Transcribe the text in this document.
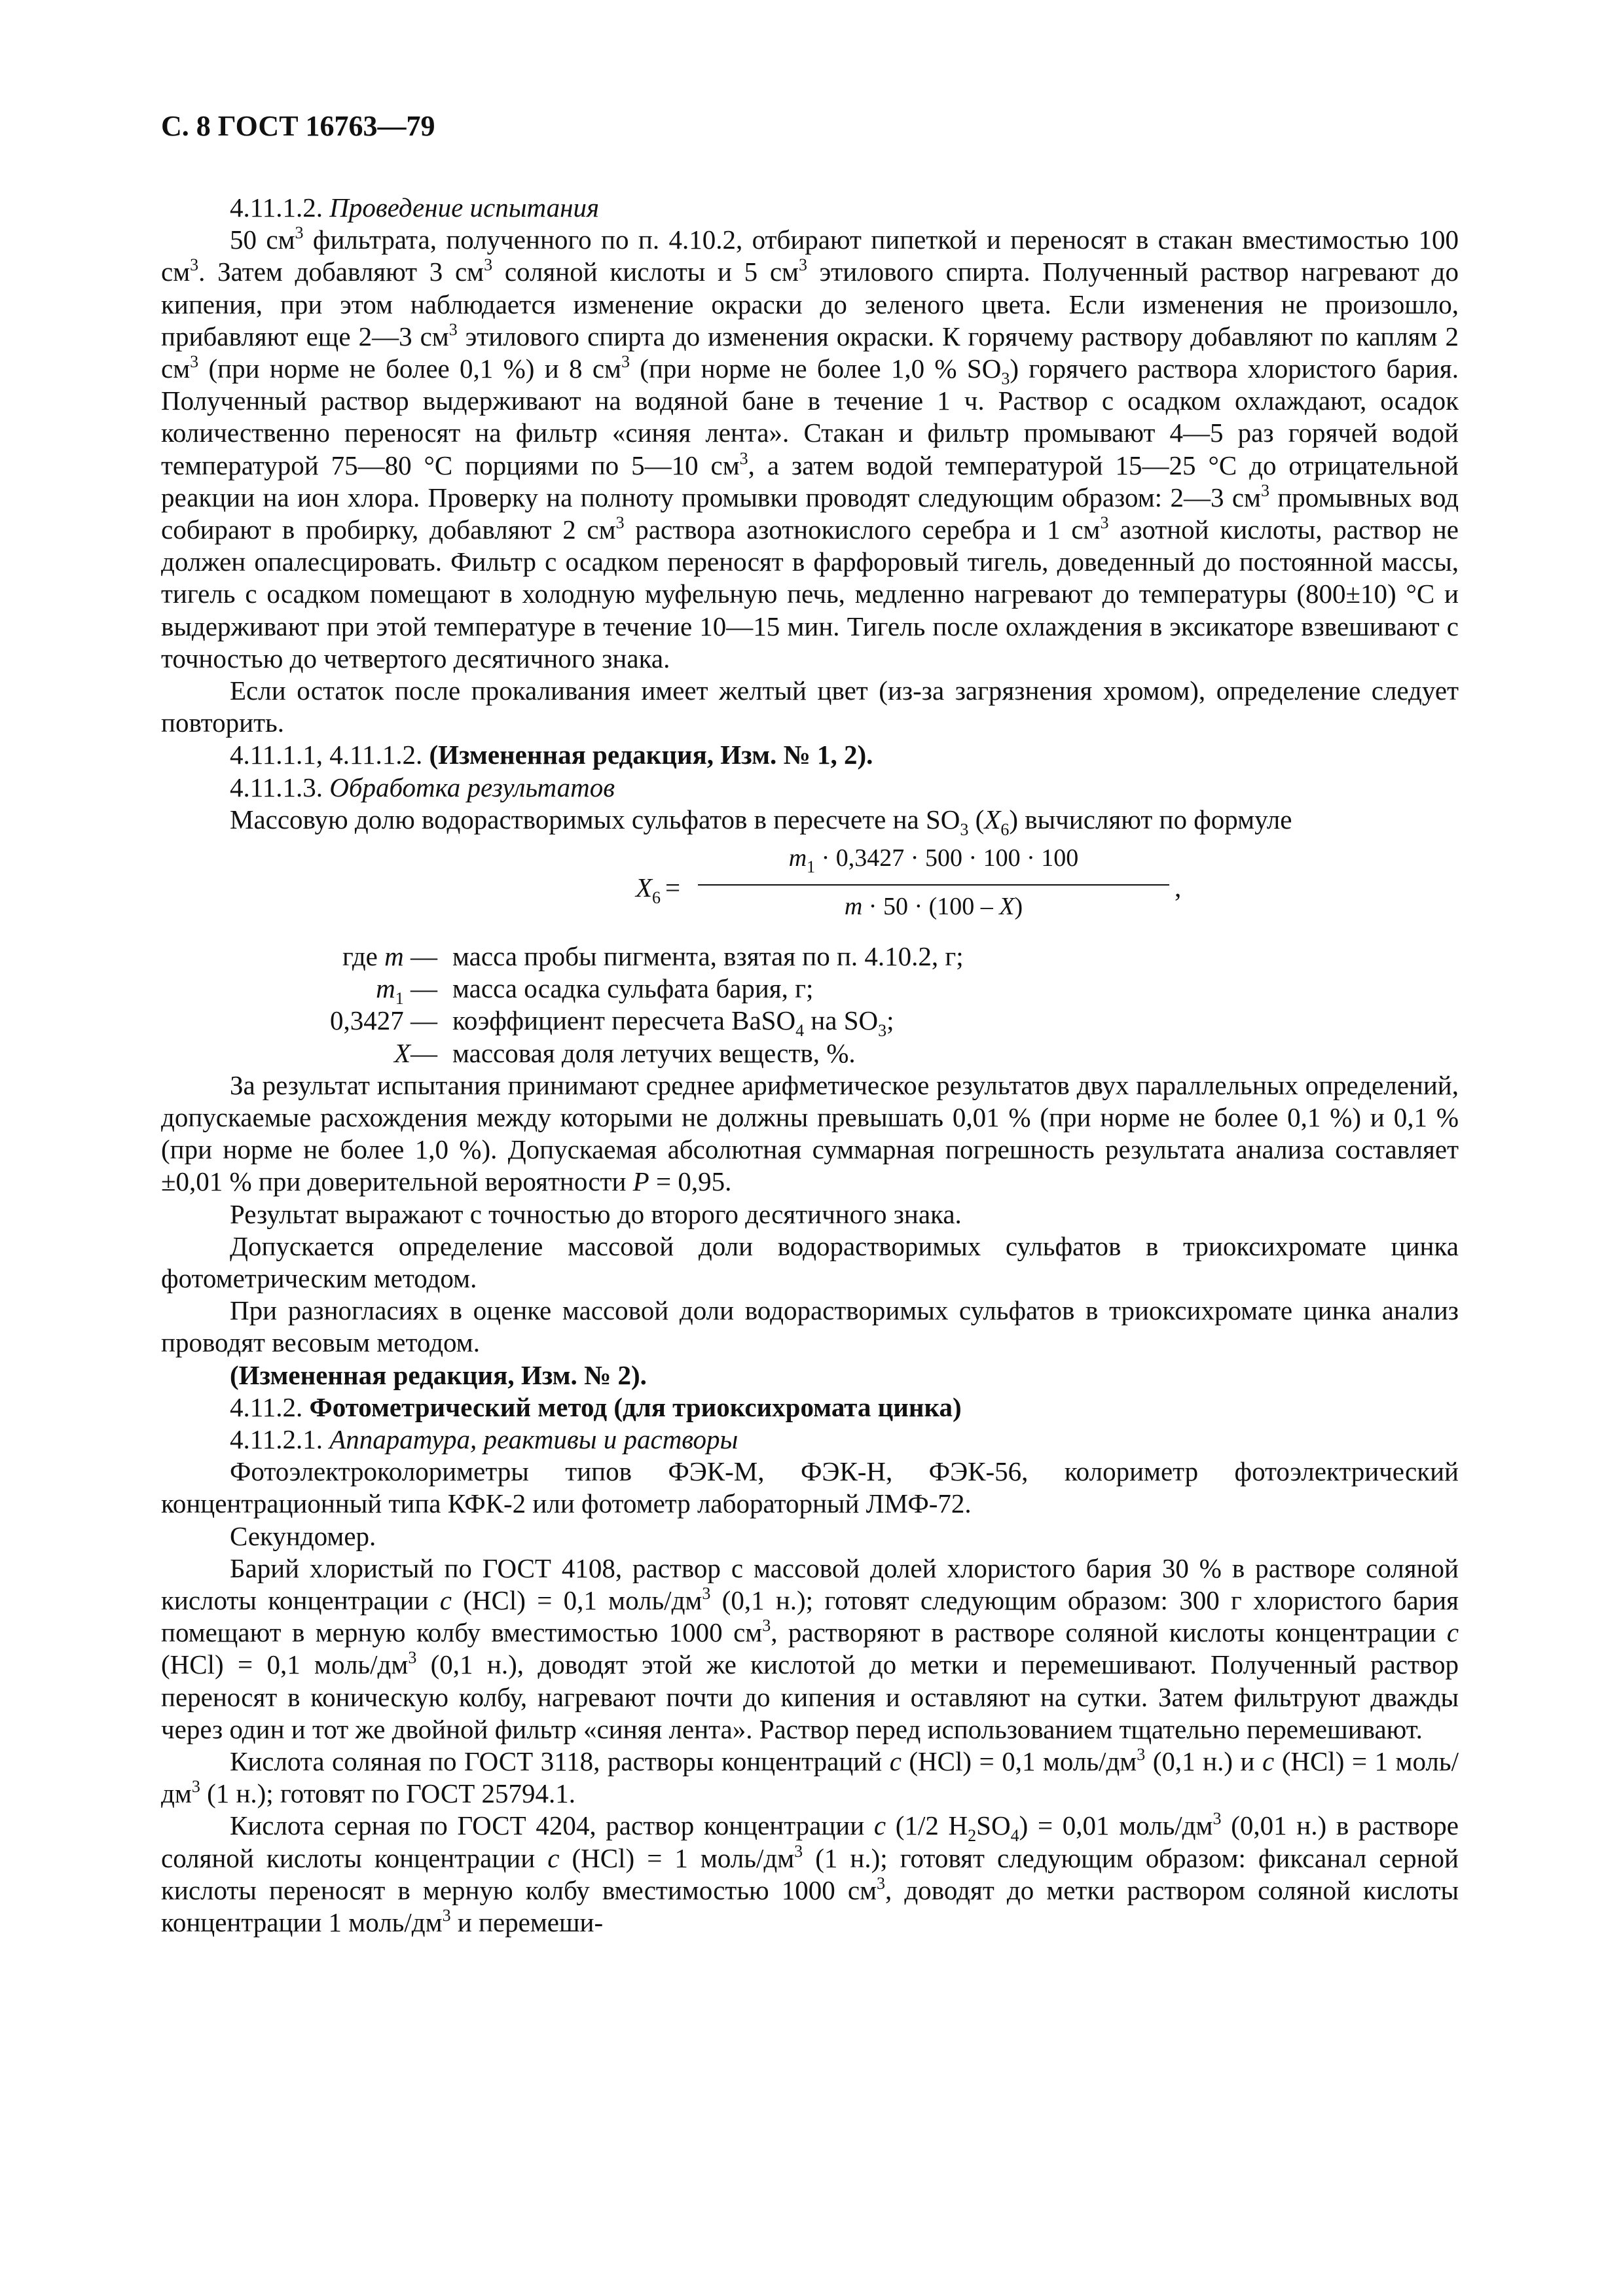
С. 8 ГОСТ 16763—79

4.11.1.2. Проведение испытания

50 $см^3$ фильтрата, полученного по п. 4.10.2, отбирают пипеткой и переносят в стакан вместимостью 100 $см^3$. Затем добавляют 3 $см^3$ соляной кислоты и 5 $см^3$ этилового спирта. Полученный раствор нагревают до кипения, при этом наблюдается изменение окраски до зеленого цвета. Если изменения не произошло, прибавляют еще 2—3 $см^3$ этилового спирта до изменения окраски. К горячему раствору добавляют по каплям 2 $см^3$ (при норме не более 0,1 %) и 8 $см^3$ (при норме не более 1,0 % $SO_3$) горячего раствора хлористого бария. Полученный раствор выдерживают на водяной бане в течение 1 ч. Раствор с осадком охлаждают, осадок количественно переносят на фильтр «синяя лента». Стакан и фильтр промывают 4—5 раз горячей водой температурой 75—80 °С порциями по 5—10 $см^3$, а затем водой температурой 15—25 °С до отрицательной реакции на ион хлора. Проверку на полноту промывки проводят следующим образом: 2—3 $см^3$ промывных вод собирают в пробирку, добавляют 2 $см^3$ раствора азотнокислого серебра и 1 $см^3$ азотной кислоты, раствор не должен опалесцировать. Фильтр с осадком переносят в фарфоровый тигель, доведенный до постоянной массы, тигель с осадком помещают в холодную муфельную печь, медленно нагревают до температуры (800±10) °С и выдерживают при этой температуре в течение 10—15 мин. Тигель после охлаждения в эксикаторе взвешивают с точностью до четвертого десятичного знака.

Если остаток после прокаливания имеет желтый цвет (из-за загрязнения хромом), определение следует повторить.

4.11.1.1, 4.11.1.2. (Измененная редакция, Изм. № 1, 2).

4.11.1.3. Обработка результатов

Массовую долю водорастворимых сульфатов в пересчете на $SO_3$ $(X_6)$ вычисляют по формуле

$X_6$ =
$m_1 \cdot 0,3427 \cdot 500 \cdot 100 \cdot 100$
m · 50 · (100 – X)
,
где m — масса пробы пигмента, взятая по п. 4.10.2, г;
$m_1$ — масса осадка сульфата бария, г;
0,3427 — коэффициент пересчета BaSO$_4$ на $SO_3$;
X— массовая доля летучих веществ, %.

За результат испытания принимают среднее арифметическое результатов двух параллельных определений, допускаемые расхождения между которыми не должны превышать 0,01 % (при норме не более 0,1 %) и 0,1 % (при норме не более 1,0 %). Допускаемая абсолютная суммарная погрешность результата анализа составляет ±0,01 % при доверительной вероятности P = 0,95.

Результат выражают с точностью до второго десятичного знака.

Допускается определение массовой доли водорастворимых сульфатов в триоксихромате цинка фотометрическим методом.

При разногласиях в оценке массовой доли водорастворимых сульфатов в триоксихромате цинка анализ проводят весовым методом.

(Измененная редакция, Изм. № 2).

4.11.2. Фотометрический метод (для триоксихромата цинка)

4.11.2.1. Аппаратура, реактивы и растворы

Фотоэлектроколориметры типов ФЭК-М, ФЭК-Н, ФЭК-56, колориметр фотоэлектрический концентрационный типа КФК-2 или фотометр лабораторный ЛМФ-72.

Секундомер.

Барий хлористый по ГОСТ 4108, раствор с массовой долей хлористого бария 30 % в растворе соляной кислоты концентрации c (HCl) = 0,1 моль/$дм^3$ (0,1 н.); готовят следующим образом: 300 г хлористого бария помещают в мерную колбу вместимостью 1000 $см^3$, растворяют в растворе соляной кислоты концентрации c (HCl) = 0,1 моль/$дм^3$ (0,1 н.), доводят этой же кислотой до метки и перемешивают. Полученный раствор переносят в коническую колбу, нагревают почти до кипения и оставляют на сутки. Затем фильтруют дважды через один и тот же двойной фильтр «синяя лента». Раствор перед использованием тщательно перемешивают.

Кислота соляная по ГОСТ 3118, растворы концентраций c (HCl) = 0,1 моль/$дм^3$ (0,1 н.) и c (HCl) = 1 моль/$дм^3$ (1 н.); готовят по ГОСТ 25794.1.

Кислота серная по ГОСТ 4204, раствор концентрации c (1/2 $H_2SO_4) = 0,01$ моль/$дм^3$ (0,01 н.) в растворе соляной кислоты концентрации c (HCl) = 1 моль/$дм^3$ (1 н.); готовят следующим образом: фиксанал серной кислоты переносят в мерную колбу вместимостью 1000 $см^3$, доводят до метки раствором соляной кислоты концентрации 1 моль/$дм^3$ и перемеши-
